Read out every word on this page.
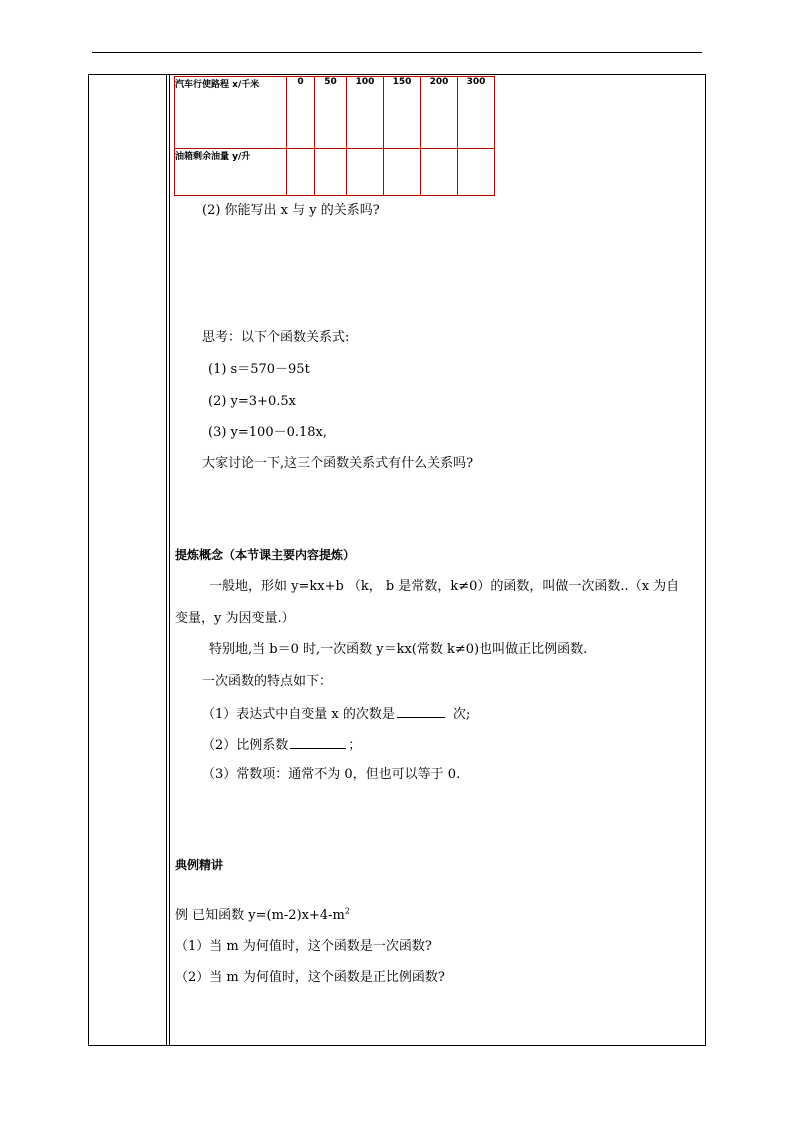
汽车行使路程 x/千米	0	50	100	150	200	300
油箱剩余油量 y/升						
(2) 你能写出 x 与 y 的关系吗?
思考：以下个函数关系式:
(1) s＝570－95t
(2) y=3+0.5x
(3) y=100－0.18x,
大家讨论一下,这三个函数关系式有什么关系吗?
提炼概念（本节课主要内容提炼）
一般地，形如 y=kx+b （k， b 是常数，k≠0）的函数，叫做一次函数..（x 为自
变量，y 为因变量.）
特别地,当 b＝0 时,一次函数 y＝kx(常数 k≠0)也叫做正比例函数.
一次函数的特点如下：
（1）表达式中自变量 x 的次数是	次;
（2）比例系数	；
（3）常数项：通常不为 0，但也可以等于 0.
典例精讲
例 已知函数 $y=(m-2)x+4-m^2$
（1）当 m 为何值时，这个函数是一次函数?
（2）当 m 为何值时，这个函数是正比例函数?
